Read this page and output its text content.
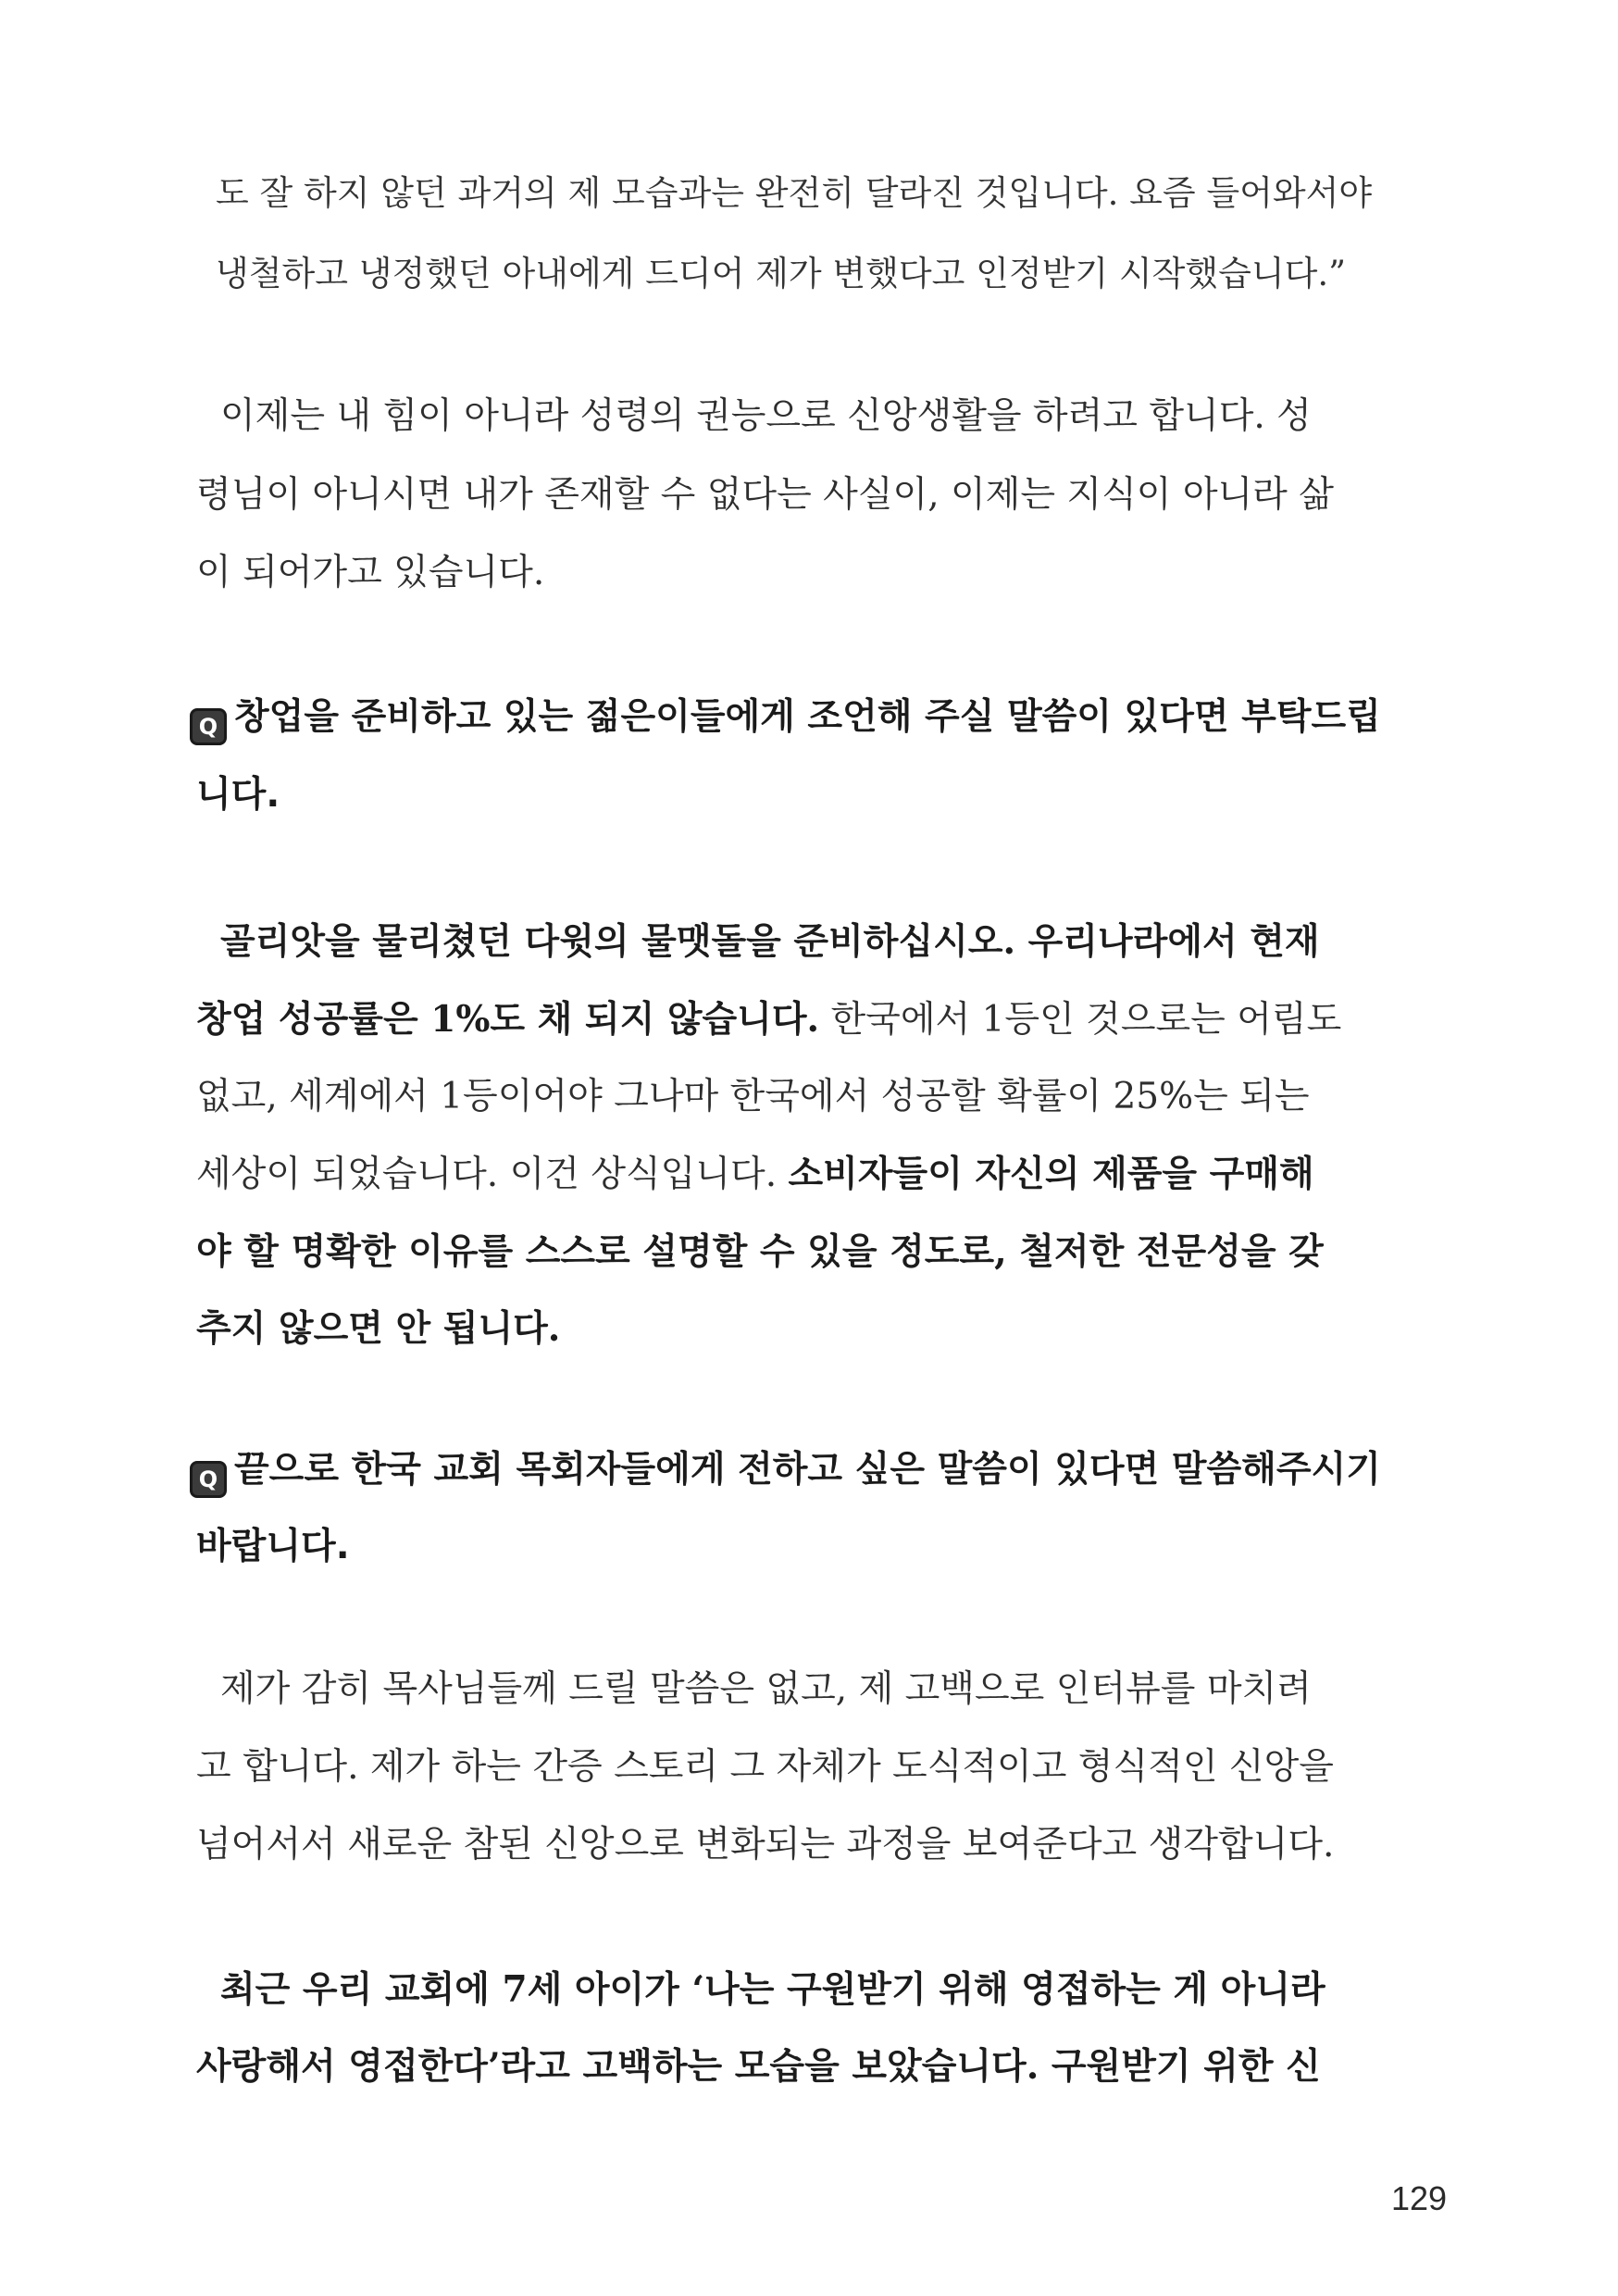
도 잘 하지 않던 과거의 제 모습과는 완전히 달라진 것입니다. 요즘 들어와서야

냉철하고 냉정했던 아내에게 드디어 제가 변했다고 인정받기 시작했습니다.”

이제는 내 힘이 아니라 성령의 권능으로 신앙생활을 하려고 합니다. 성

령님이 아니시면 내가 존재할 수 없다는 사실이, 이제는 지식이 아니라 삶

이 되어가고 있습니다.

Q 창업을 준비하고 있는 젊은이들에게 조언해 주실 말씀이 있다면 부탁드립

니다.

골리앗을 물리쳤던 다윗의 물맷돌을 준비하십시오. 우리나라에서 현재

창업 성공률은 1%도 채 되지 않습니다. 한국에서 1등인 것으로는 어림도

없고, 세계에서 1등이어야 그나마 한국에서 성공할 확률이 25%는 되는

세상이 되었습니다. 이건 상식입니다. 소비자들이 자신의 제품을 구매해

야 할 명확한 이유를 스스로 설명할 수 있을 정도로, 철저한 전문성을 갖

추지 않으면 안 됩니다.

Q 끝으로 한국 교회 목회자들에게 전하고 싶은 말씀이 있다면 말씀해주시기

바랍니다.

제가 감히 목사님들께 드릴 말씀은 없고, 제 고백으로 인터뷰를 마치려

고 합니다. 제가 하는 간증 스토리 그 자체가 도식적이고 형식적인 신앙을

넘어서서 새로운 참된 신앙으로 변화되는 과정을 보여준다고 생각합니다.

최근 우리 교회에 7세 아이가 ‘나는 구원받기 위해 영접하는 게 아니라

사랑해서 영접한다’라고 고백하는 모습을 보았습니다. 구원받기 위한 신

129
